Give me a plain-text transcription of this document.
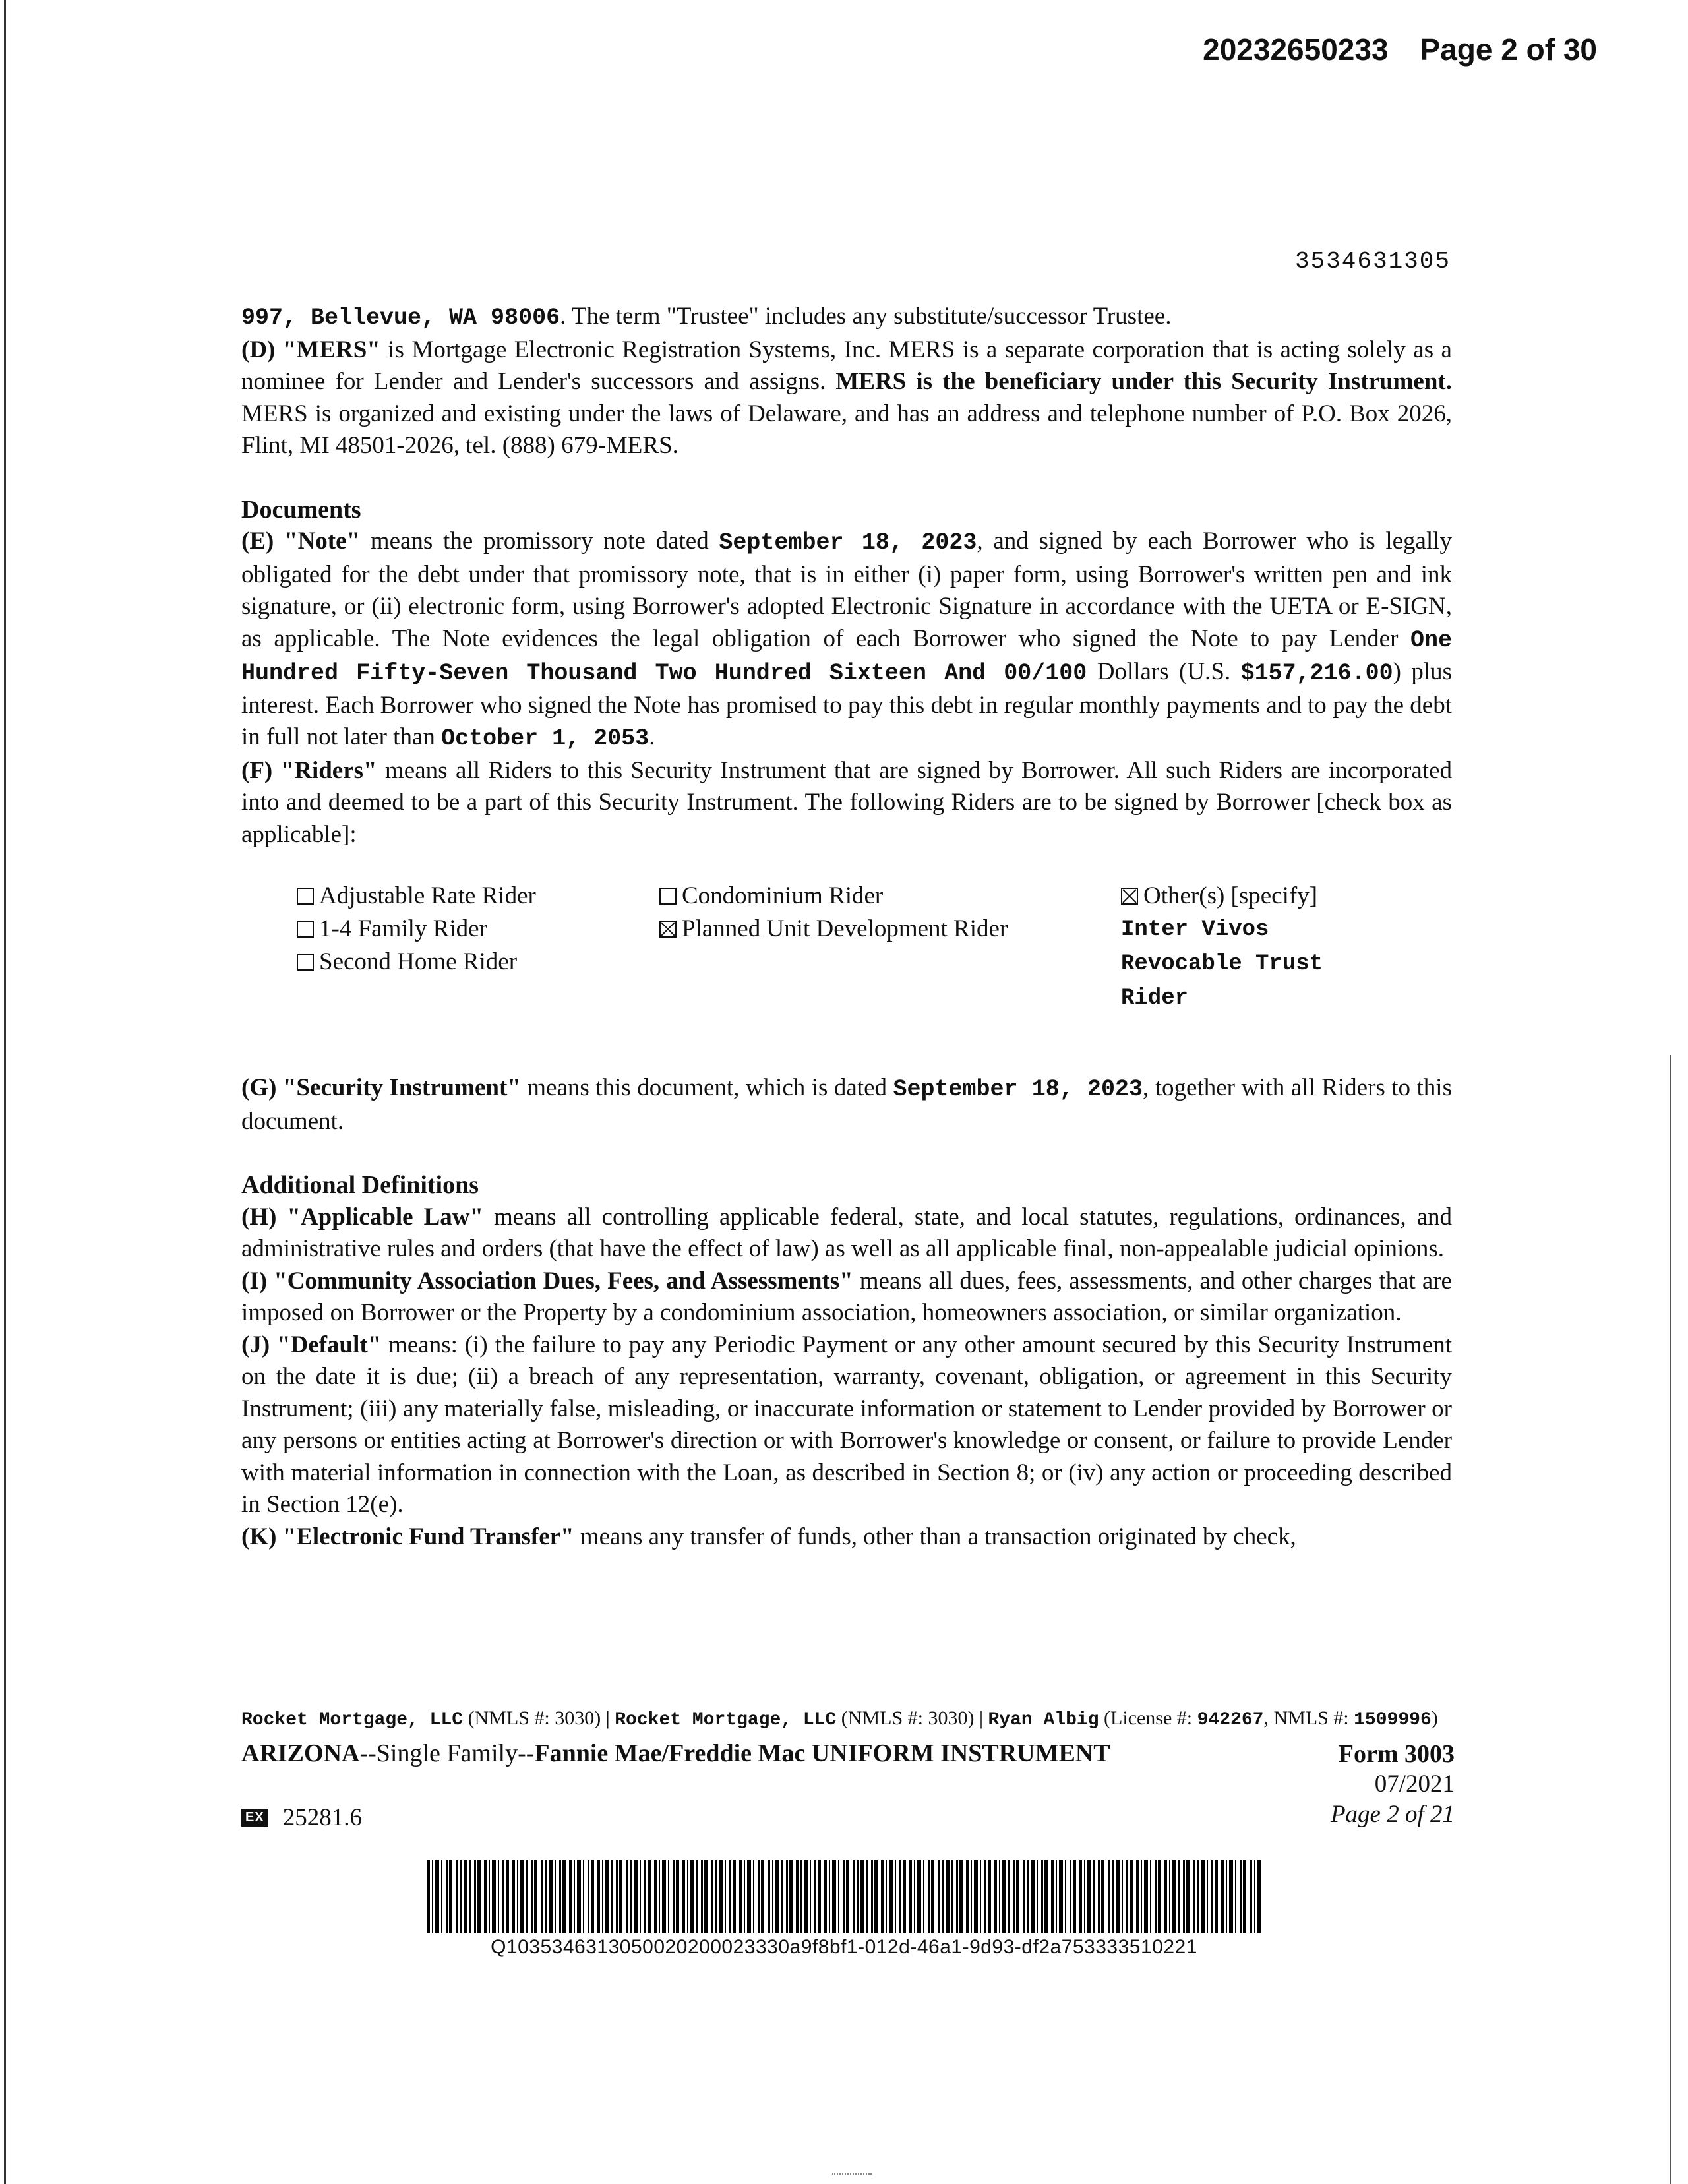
20232650233 Page 2 of 30
3534631305

997, Bellevue, WA 98006. The term "Trustee" includes any substitute/successor Trustee.

(D) "MERS" is Mortgage Electronic Registration Systems, Inc. MERS is a separate corporation that is acting solely as a nominee for Lender and Lender's successors and assigns. MERS is the beneficiary under this Security Instrument. MERS is organized and existing under the laws of Delaware, and has an address and telephone number of P.O. Box 2026, Flint, MI 48501-2026, tel. (888) 679-MERS.

Documents

(E) "Note" means the promissory note dated September 18, 2023, and signed by each Borrower who is legally obligated for the debt under that promissory note, that is in either (i) paper form, using Borrower's written pen and ink signature, or (ii) electronic form, using Borrower's adopted Electronic Signature in accordance with the UETA or E-SIGN, as applicable. The Note evidences the legal obligation of each Borrower who signed the Note to pay Lender One Hundred Fifty-Seven Thousand Two Hundred Sixteen And 00/100 Dollars (U.S. $157,216.00) plus interest. Each Borrower who signed the Note has promised to pay this debt in regular monthly payments and to pay the debt in full not later than October 1, 2053.

(F) "Riders" means all Riders to this Security Instrument that are signed by Borrower. All such Riders are incorporated into and deemed to be a part of this Security Instrument. The following Riders are to be signed by Borrower [check box as applicable]:

Adjustable Rate Rider
1-4 Family Rider
Second Home Rider
Condominium Rider
Planned Unit Development Rider
Other(s) [specify]
Inter Vivos
Revocable Trust
Rider

(G) "Security Instrument" means this document, which is dated September 18, 2023, together with all Riders to this document.

Additional Definitions

(H) "Applicable Law" means all controlling applicable federal, state, and local statutes, regulations, ordinances, and administrative rules and orders (that have the effect of law) as well as all applicable final, non-appealable judicial opinions.

(I) "Community Association Dues, Fees, and Assessments" means all dues, fees, assessments, and other charges that are imposed on Borrower or the Property by a condominium association, homeowners association, or similar organization.

(J) "Default" means: (i) the failure to pay any Periodic Payment or any other amount secured by this Security Instrument on the date it is due; (ii) a breach of any representation, warranty, covenant, obligation, or agreement in this Security Instrument; (iii) any materially false, misleading, or inaccurate information or statement to Lender provided by Borrower or any persons or entities acting at Borrower's direction or with Borrower's knowledge or consent, or failure to provide Lender with material information in connection with the Loan, as described in Section 8; or (iv) any action or proceeding described in Section 12(e).

(K) "Electronic Fund Transfer" means any transfer of funds, other than a transaction originated by check,

Rocket Mortgage, LLC (NMLS #: 3030) | Rocket Mortgage, LLC (NMLS #: 3030) | Ryan Albig (License #: 942267, NMLS #: 1509996)
ARIZONA--Single Family--Fannie Mae/Freddie Mac UNIFORM INSTRUMENT	Form 3003
07/2021
Page 2 of 21
EX 25281.6
Q1035346313050020200023330a9f8bf1-012d-46a1-9d93-df2a753333510221
